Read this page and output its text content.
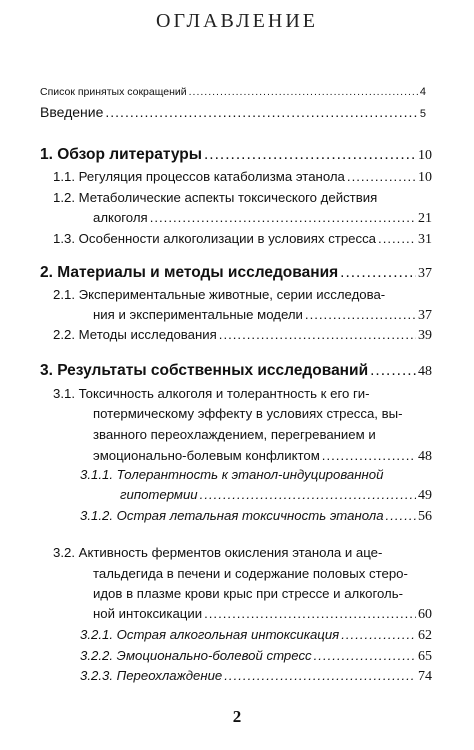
ОГЛАВЛЕНИЕ
Список принятых сокращений .....	4
Введение .....	5
1. Обзор литературы .....	10
1.1. Регуляция процессов катаболизма этанола .....	10
1.2. Метаболические аспекты токсического действия
алкоголя .....	21
1.3. Особенности алкоголизации в условиях стресса .....	31
2. Материалы и методы исследования .....	37
2.1. Экспериментальные животные, серии исследова-
ния и экспериментальные модели .....	37
2.2. Методы исследования .....	39
3. Результаты собственных исследований .....	48
3.1. Токсичность алкоголя и толерантность к его ги-
потермическому эффекту в условиях стресса, вы-
званного переохлаждением, перегреванием и
эмоционально-болевым конфликтом .....	48
3.1.1. Толерантность к этанол-индуцированной
гипотермии .....	49
3.1.2. Острая летальная токсичность этанола ..... 56
3.2. Активность ферментов окисления этанола и аце-
тальдегида в печени и содержание половых стеро-
идов в плазме крови крыс при стрессе и алкоголь-
ной интоксикации .....	60
3.2.1. Острая алкогольная интоксикация .....	62
3.2.2. Эмоционально-болевой стресс .....	65
3.2.3. Переохлаждение .....	74
2
